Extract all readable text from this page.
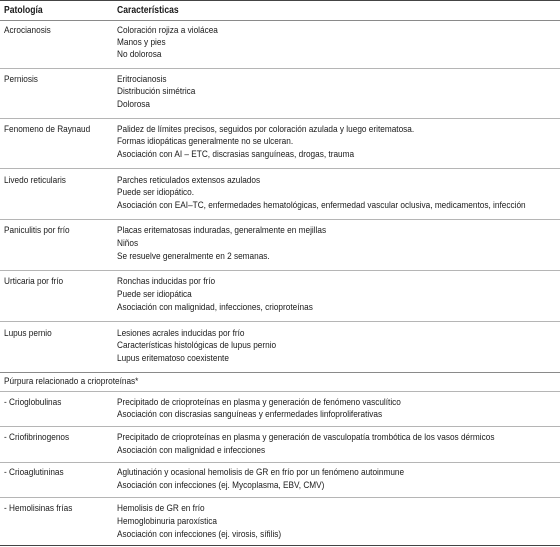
Patología	Características
Acrocianosis	Coloración rojiza a violácea
Manos y pies
No dolorosa
Perniosis	Eritrocianosis
Distribución simétrica
Dolorosa
Fenomeno de Raynaud	Palidez de límites precisos, seguidos por coloración azulada y luego eritematosa.
Formas idiopáticas generalmente no se ulceran.
Asociación con AI – ETC, discrasias sanguíneas, drogas, trauma
Livedo reticularis	Parches reticulados extensos azulados
Puede ser idiopático.
Asociación con EAI–TC, enfermedades hematológicas, enfermedad vascular oclusiva, medicamentos, infección
Paniculitis por frío	Placas eritematosas induradas, generalmente en mejillas
Niños
Se resuelve generalmente en 2 semanas.
Urticaria por frío	Ronchas inducidas por frío
Puede ser idiopática
Asociación con malignidad, infecciones, crioproteínas
Lupus pernio	Lesiones acrales inducidas por frío
Características histológicas de lupus pernio
Lupus eritematoso coexistente
Púrpura relacionado a crioproteínas*
- Crioglobulinas	Precipitado de crioproteínas en plasma y generación de fenómeno vasculítico
Asociación con discrasias sanguíneas y enfermedades linfoproliferativas
- Criofibrinogenos	Precipitado de crioproteínas en plasma y generación de vasculopatía trombótica de los vasos dérmicos
Asociación con malignidad e infecciones
- Crioaglutininas	Aglutinación y ocasional hemolisis de GR en frío por un fenómeno autoinmune
Asociación con infecciones (ej. Mycoplasma, EBV, CMV)
- Hemolisinas frías	Hemolisis de GR en frío
Hemoglobinuria paroxística
Asociación con infecciones (ej. virosis, sífilis)
